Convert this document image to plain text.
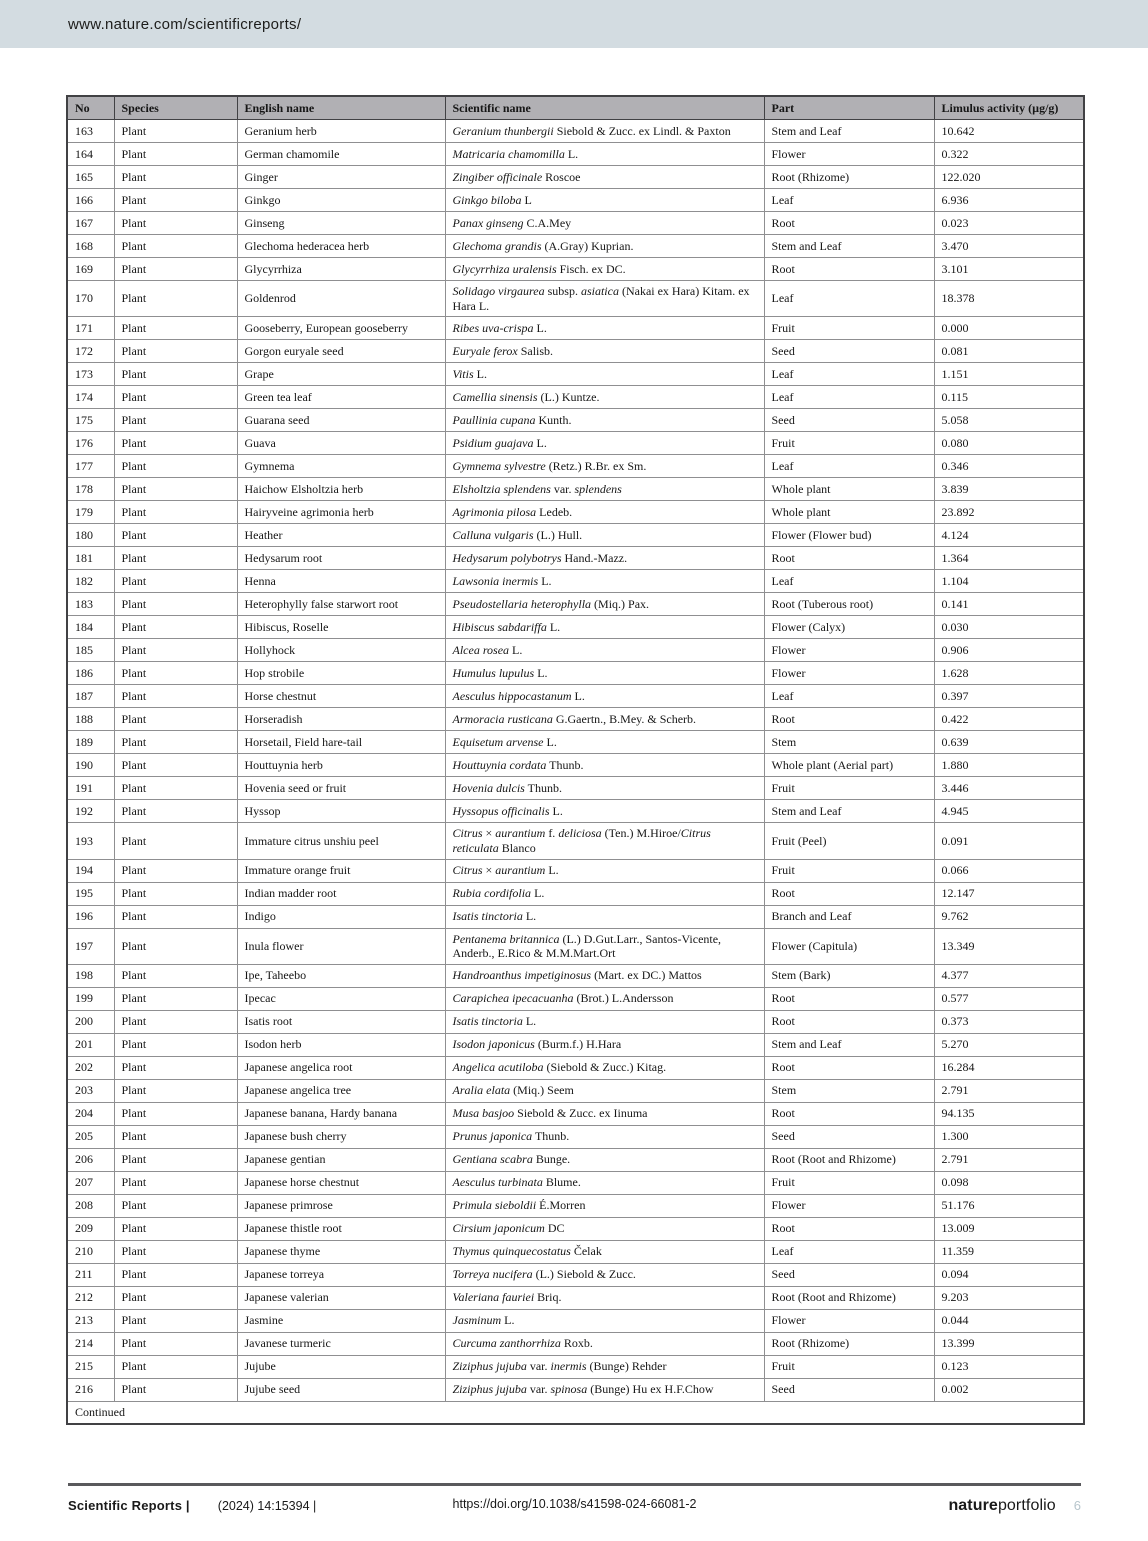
www.nature.com/scientificreports/
No	Species	English name	Scientific name	Part	Limulus activity (µg/g)
163	Plant	Geranium herb	Geranium thunbergii Siebold & Zucc. ex Lindl. & Paxton	Stem and Leaf	10.642
164	Plant	German chamomile	Matricaria chamomilla L.	Flower	0.322
165	Plant	Ginger	Zingiber officinale Roscoe	Root (Rhizome)	122.020
166	Plant	Ginkgo	Ginkgo biloba L	Leaf	6.936
167	Plant	Ginseng	Panax ginseng C.A.Mey	Root	0.023
168	Plant	Glechoma hederacea herb	Glechoma grandis (A.Gray) Kuprian.	Stem and Leaf	3.470
169	Plant	Glycyrrhiza	Glycyrrhiza uralensis Fisch. ex DC.	Root	3.101
170	Plant	Goldenrod	Solidago virgaurea subsp. asiatica (Nakai ex Hara) Kitam. ex Hara L.	Leaf	18.378
171	Plant	Gooseberry, European gooseberry	Ribes uva-crispa L.	Fruit	0.000
172	Plant	Gorgon euryale seed	Euryale ferox Salisb.	Seed	0.081
173	Plant	Grape	Vitis L.	Leaf	1.151
174	Plant	Green tea leaf	Camellia sinensis (L.) Kuntze.	Leaf	0.115
175	Plant	Guarana seed	Paullinia cupana Kunth.	Seed	5.058
176	Plant	Guava	Psidium guajava L.	Fruit	0.080
177	Plant	Gymnema	Gymnema sylvestre (Retz.) R.Br. ex Sm.	Leaf	0.346
178	Plant	Haichow Elsholtzia herb	Elsholtzia splendens var. splendens	Whole plant	3.839
179	Plant	Hairyveine agrimonia herb	Agrimonia pilosa Ledeb.	Whole plant	23.892
180	Plant	Heather	Calluna vulgaris (L.) Hull.	Flower (Flower bud)	4.124
181	Plant	Hedysarum root	Hedysarum polybotrys Hand.-Mazz.	Root	1.364
182	Plant	Henna	Lawsonia inermis L.	Leaf	1.104
183	Plant	Heterophylly false starwort root	Pseudostellaria heterophylla (Miq.) Pax.	Root (Tuberous root)	0.141
184	Plant	Hibiscus, Roselle	Hibiscus sabdariffa L.	Flower (Calyx)	0.030
185	Plant	Hollyhock	Alcea rosea L.	Flower	0.906
186	Plant	Hop strobile	Humulus lupulus L.	Flower	1.628
187	Plant	Horse chestnut	Aesculus hippocastanum L.	Leaf	0.397
188	Plant	Horseradish	Armoracia rusticana G.Gaertn., B.Mey. & Scherb.	Root	0.422
189	Plant	Horsetail, Field hare-tail	Equisetum arvense L.	Stem	0.639
190	Plant	Houttuynia herb	Houttuynia cordata Thunb.	Whole plant (Aerial part)	1.880
191	Plant	Hovenia seed or fruit	Hovenia dulcis Thunb.	Fruit	3.446
192	Plant	Hyssop	Hyssopus officinalis L.	Stem and Leaf	4.945
193	Plant	Immature citrus unshiu peel	Citrus × aurantium f. deliciosa (Ten.) M.Hiroe/Citrus reticulata Blanco	Fruit (Peel)	0.091
194	Plant	Immature orange fruit	Citrus × aurantium L.	Fruit	0.066
195	Plant	Indian madder root	Rubia cordifolia L.	Root	12.147
196	Plant	Indigo	Isatis tinctoria L.	Branch and Leaf	9.762
197	Plant	Inula flower	Pentanema britannica (L.) D.Gut.Larr., Santos-Vicente, Anderb., E.Rico & M.M.Mart.Ort	Flower (Capitula)	13.349
198	Plant	Ipe, Taheebo	Handroanthus impetiginosus (Mart. ex DC.) Mattos	Stem (Bark)	4.377
199	Plant	Ipecac	Carapichea ipecacuanha (Brot.) L.Andersson	Root	0.577
200	Plant	Isatis root	Isatis tinctoria L.	Root	0.373
201	Plant	Isodon herb	Isodon japonicus (Burm.f.) H.Hara	Stem and Leaf	5.270
202	Plant	Japanese angelica root	Angelica acutiloba (Siebold & Zucc.) Kitag.	Root	16.284
203	Plant	Japanese angelica tree	Aralia elata (Miq.) Seem	Stem	2.791
204	Plant	Japanese banana, Hardy banana	Musa basjoo Siebold & Zucc. ex Iinuma	Root	94.135
205	Plant	Japanese bush cherry	Prunus japonica Thunb.	Seed	1.300
206	Plant	Japanese gentian	Gentiana scabra Bunge.	Root (Root and Rhizome)	2.791
207	Plant	Japanese horse chestnut	Aesculus turbinata Blume.	Fruit	0.098
208	Plant	Japanese primrose	Primula sieboldii É.Morren	Flower	51.176
209	Plant	Japanese thistle root	Cirsium japonicum DC	Root	13.009
210	Plant	Japanese thyme	Thymus quinquecostatus Čelak	Leaf	11.359
211	Plant	Japanese torreya	Torreya nucifera (L.) Siebold & Zucc.	Seed	0.094
212	Plant	Japanese valerian	Valeriana fauriei Briq.	Root (Root and Rhizome)	9.203
213	Plant	Jasmine	Jasminum L.	Flower	0.044
214	Plant	Javanese turmeric	Curcuma zanthorrhiza Roxb.	Root (Rhizome)	13.399
215	Plant	Jujube	Ziziphus jujuba var. inermis (Bunge) Rehder	Fruit	0.123
216	Plant	Jujube seed	Ziziphus jujuba var. spinosa (Bunge) Hu ex H.F.Chow	Seed	0.002
Continued					
Scientific Reports | (2024) 14:15394 |	https://doi.org/10.1038/s41598-024-66081-2	natureportfolio 6
